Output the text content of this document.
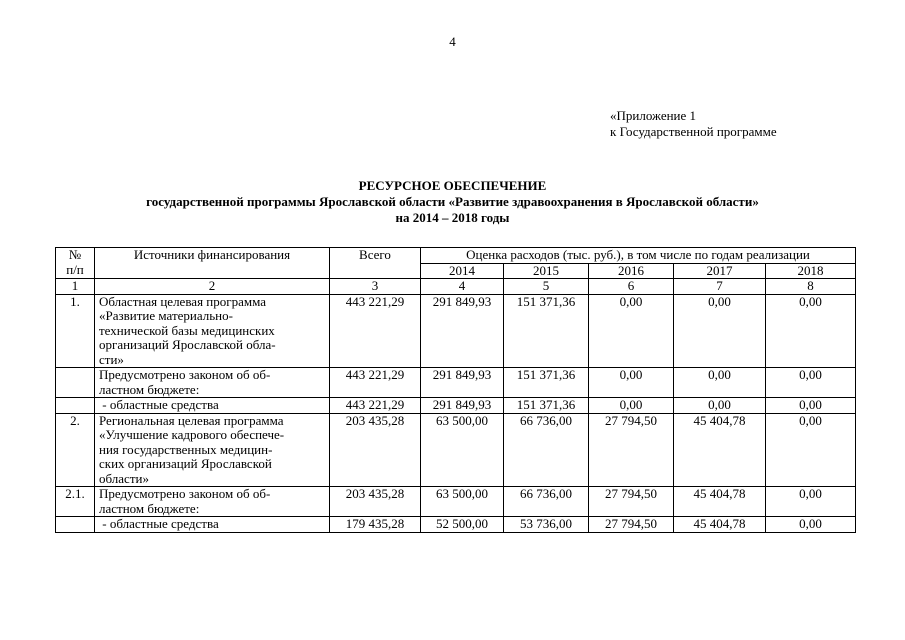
4
«Приложение 1
к Государственной программе
РЕСУРСНОЕ ОБЕСПЕЧЕНИЕ
государственной программы Ярославской области «Развитие здравоохранения в Ярославской области»
на 2014 – 2018 годы
№
п/п	Источники финансирования	Всего	Оценка расходов (тыс. руб.), в том числе по годам реализации				
			2014	2015	2016	2017	2018
1	2	3	4	5	6	7	8
1.	Областная целевая программа
«Развитие материально-
технической базы медицинских
организаций Ярославской обла-
сти»	443 221,29	291 849,93	151 371,36	0,00	0,00	0,00

	Предусмотрено законом об об-
ластном бюджете:	443 221,29	291 849,93	151 371,36	0,00	0,00	0,00

	- областные средства	443 221,29	291 849,93	151 371,36	0,00	0,00	0,00
2.	Региональная целевая программа
«Улучшение кадрового обеспече-
ния государственных медицин-
ских организаций Ярославской
области»	203 435,28	63 500,00	66 736,00	27 794,50	45 404,78	0,00
2.1.	Предусмотрено законом об об-
ластном бюджете:	203 435,28	63 500,00	66 736,00	27 794,50	45 404,78	0,00

	- областные средства	179 435,28	52 500,00	53 736,00	27 794,50	45 404,78	0,00
